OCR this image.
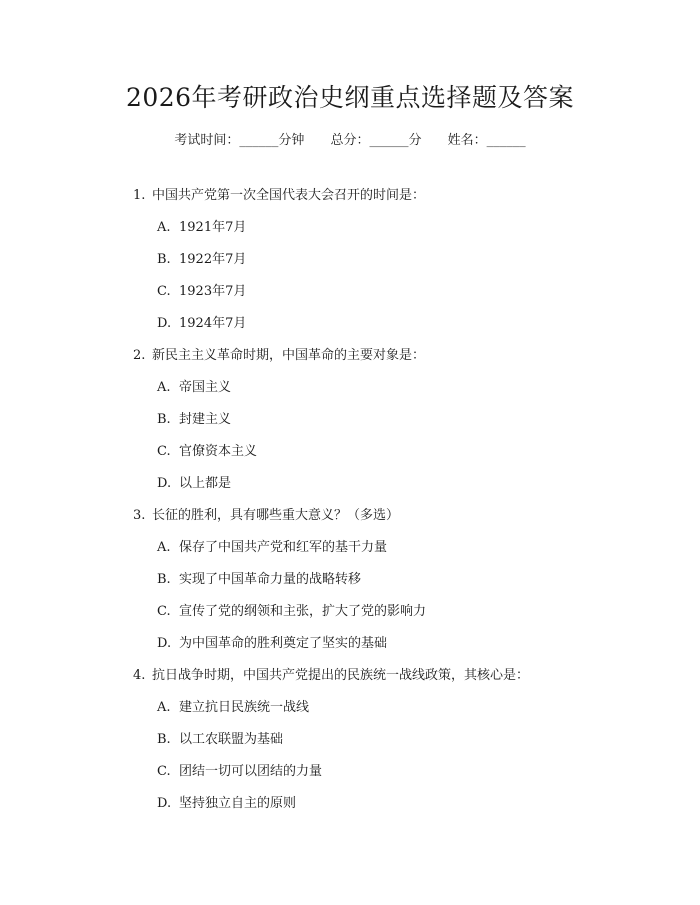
2026年考研政治史纲重点选择题及答案
考试时间：______分钟 总分：______分 姓名：______
1. 中国共产党第一次全国代表大会召开的时间是：
A. 1921年7月
B. 1922年7月
C. 1923年7月
D. 1924年7月
2. 新民主主义革命时期，中国革命的主要对象是：
A. 帝国主义
B. 封建主义
C. 官僚资本主义
D. 以上都是
3. 长征的胜利，具有哪些重大意义？（多选）
A. 保存了中国共产党和红军的基干力量
B. 实现了中国革命力量的战略转移
C. 宣传了党的纲领和主张，扩大了党的影响力
D. 为中国革命的胜利奠定了坚实的基础
4. 抗日战争时期，中国共产党提出的民族统一战线政策，其核心是：
A. 建立抗日民族统一战线
B. 以工农联盟为基础
C. 团结一切可以团结的力量
D. 坚持独立自主的原则
